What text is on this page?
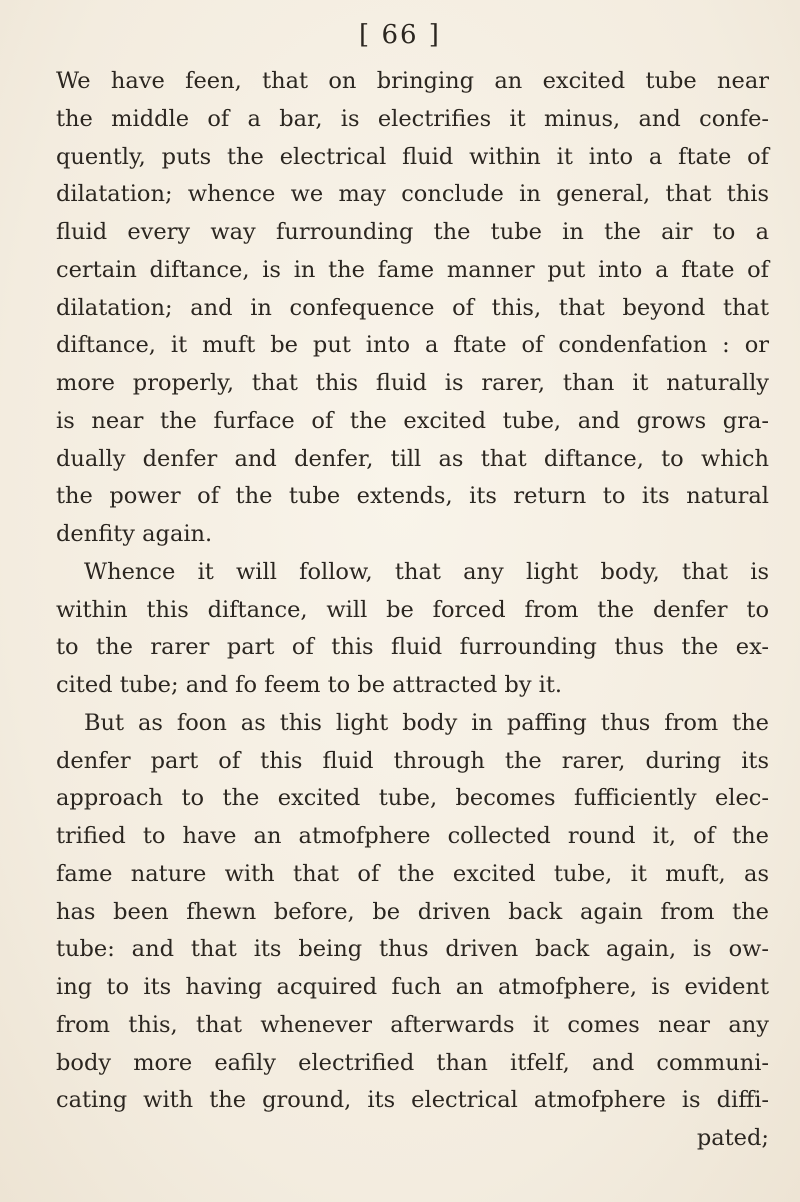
[ 66 ]
We have feen, that on bringing an excited tube near
the middle of a bar, is electrifies it minus, and confe-
quently, puts the electrical fluid within it into a ftate of
dilatation; whence we may conclude in general, that this
fluid every way furrounding the tube in the air to a
certain diftance, is in the fame manner put into a ftate of
dilatation; and in confequence of this, that beyond that
diftance, it muft be put into a ftate of condenfation : or
more properly, that this fluid is rarer, than it naturally
is near the furface of the excited tube, and grows gra-
dually denfer and denfer, till as that diftance, to which
the power of the tube extends, its return to its natural
denfity again.
Whence it will follow, that any light body, that is
within this diftance, will be forced from the denfer to
to the rarer part of this fluid furrounding thus the ex-
cited tube; and fo feem to be attracted by it.
But as foon as this light body in paffing thus from the
denfer part of this fluid through the rarer, during its
approach to the excited tube, becomes fufficiently elec-
trified to have an atmofphere collected round it, of the
fame nature with that of the excited tube, it muft, as
has been fhewn before, be driven back again from the
tube: and that its being thus driven back again, is ow-
ing to its having acquired fuch an atmofphere, is evident
from this, that whenever afterwards it comes near any
body more eafily electrified than itfelf, and communi-
cating with the ground, its electrical atmofphere is diffi-
pated;
